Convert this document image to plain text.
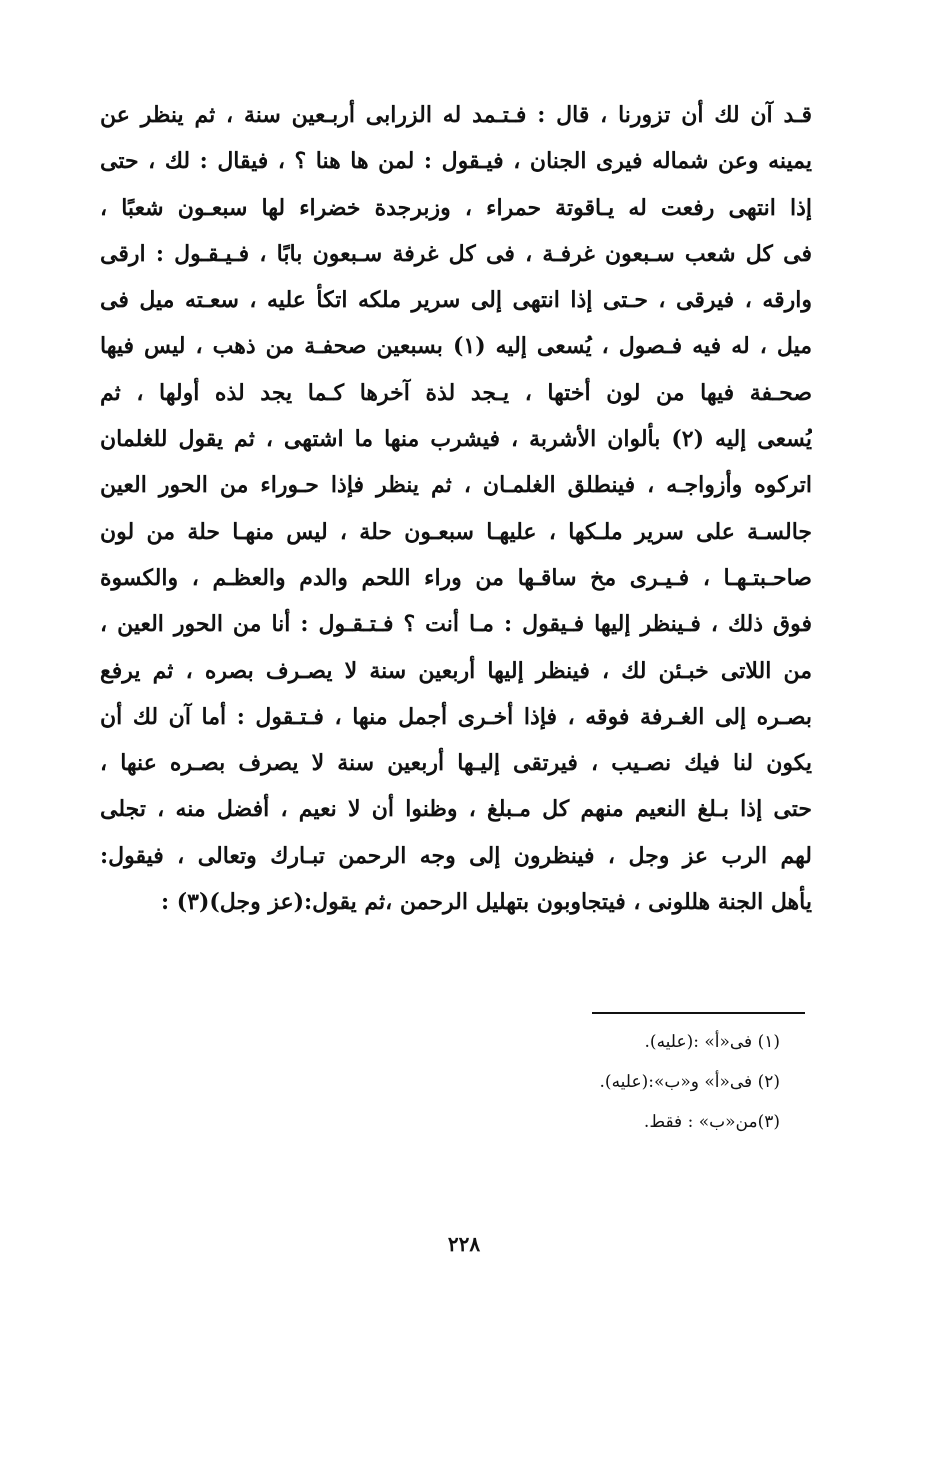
قـد آن لك أن تزورنا ، قال : فـتـمد له الزرابى أربـعين سنة ، ثم ينظر عن
يمينه وعن شماله فيرى الجنان ، فيـقول : لمن ها هنا ؟ ، فيقال : لك ، حتى
إذا انتهى رفعت له يـاقوتة حمراء ، وزبرجدة خضراء لها سبعـون شعبًا ،
فى كل شعب سـبعون غرفـة ، فى كل غرفة سـبعون بابًا ، فـيـقـول : ارقى
وارقه ، فيرقى ، حـتى إذا انتهى إلى سرير ملكه اتكأ عليه ، سعـته ميل فى
ميل ، له فيه فـصول ، يُسعى إليه (١) بسبعين صحفـة من ذهب ، ليس فيها
صحـفة فيها من لون أختها ، يـجد لذة آخرها كـما يجد لذه أولها ، ثم
يُسعى إليه (٢) بألوان الأشربة ، فيشرب منها ما اشتهى ، ثم يقول للغلمان
اتركوه وأزواجـه ، فينطلق الغلمـان ، ثم ينظر فإذا حـوراء من الحور العين
جالسـة على سرير ملـكها ، عليهـا سبعـون حلة ، ليس منهـا حلة من لون
صاحـبتـهـا ، فـيـرى مخ ساقـها من وراء اللحم والدم والعظـم ، والكسوة
فوق ذلك ، فـينظر إليها فـيقول : مـا أنت ؟ فـتـقـول : أنا من الحور العين ،
من اللاتى خبـئن لك ، فينظر إليها أربعين سنة لا يصـرف بصره ، ثم يرفع
بصـره إلى الغـرفة فوقه ، فإذا أخـرى أجمل منها ، فـتـقول : أما آن لك أن
يكون لنا فيك نصـيب ، فيرتقى إليـها أربعين سنة لا يصرف بصـره عنها ،
حتى إذا بـلغ النعيم منهم كل مـبلغ ، وظنوا أن لا نعيم ، أفضل منه ، تجلى
لهم الرب عز وجل ، فينظرون إلى وجه الرحمن تبـارك وتعالى ، فيقول:
يأهل الجنة هللونى ، فيتجاوبون بتهليل الرحمن ،ثم يقول:(عز وجل)(٣) :
(١) فى«أ» :(عليه).
(٢) فى«أ» و«ب»:(عليه).
(٣)من«ب» : فقط.
٢٢٨
